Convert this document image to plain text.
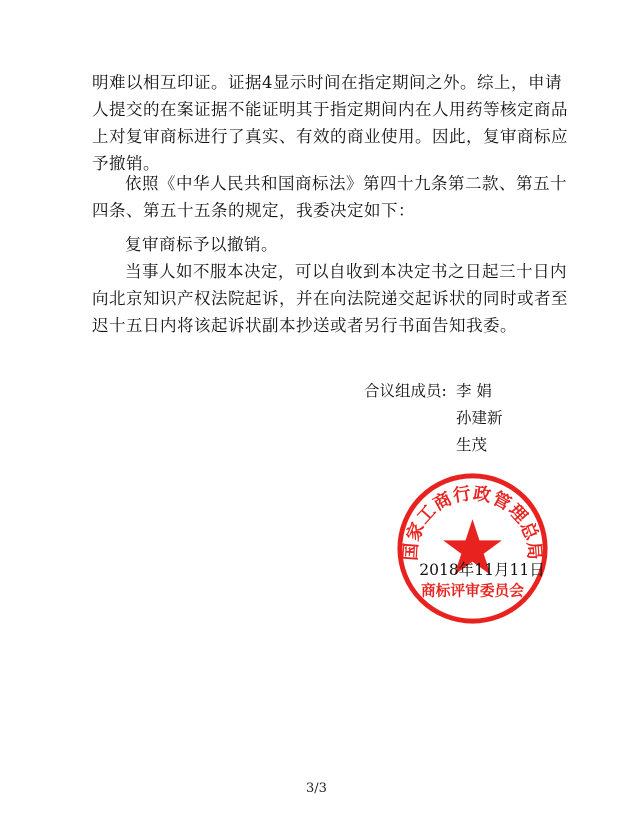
明难以相互印证。证据4显示时间在指定期间之外。综上，申请人提交的在案证据不能证明其于指定期间内在人用药等核定商品上对复审商标进行了真实、有效的商业使用。因此，复审商标应予撤销。

依照《中华人民共和国商标法》第四十九条第二款、第五十四条、第五十五条的规定，我委决定如下：

复审商标予以撤销。

当事人如不服本决定，可以自收到本决定书之日起三十日内向北京知识产权法院起诉，并在向法院递交起诉状的同时或者至迟十五日内将该起诉状副本抄送或者另行书面告知我委。

合议组成员: 李 娟
孙建新
生茂
国家工商行政管理总局
商标评审委员会
2018年11月11日
3/3
